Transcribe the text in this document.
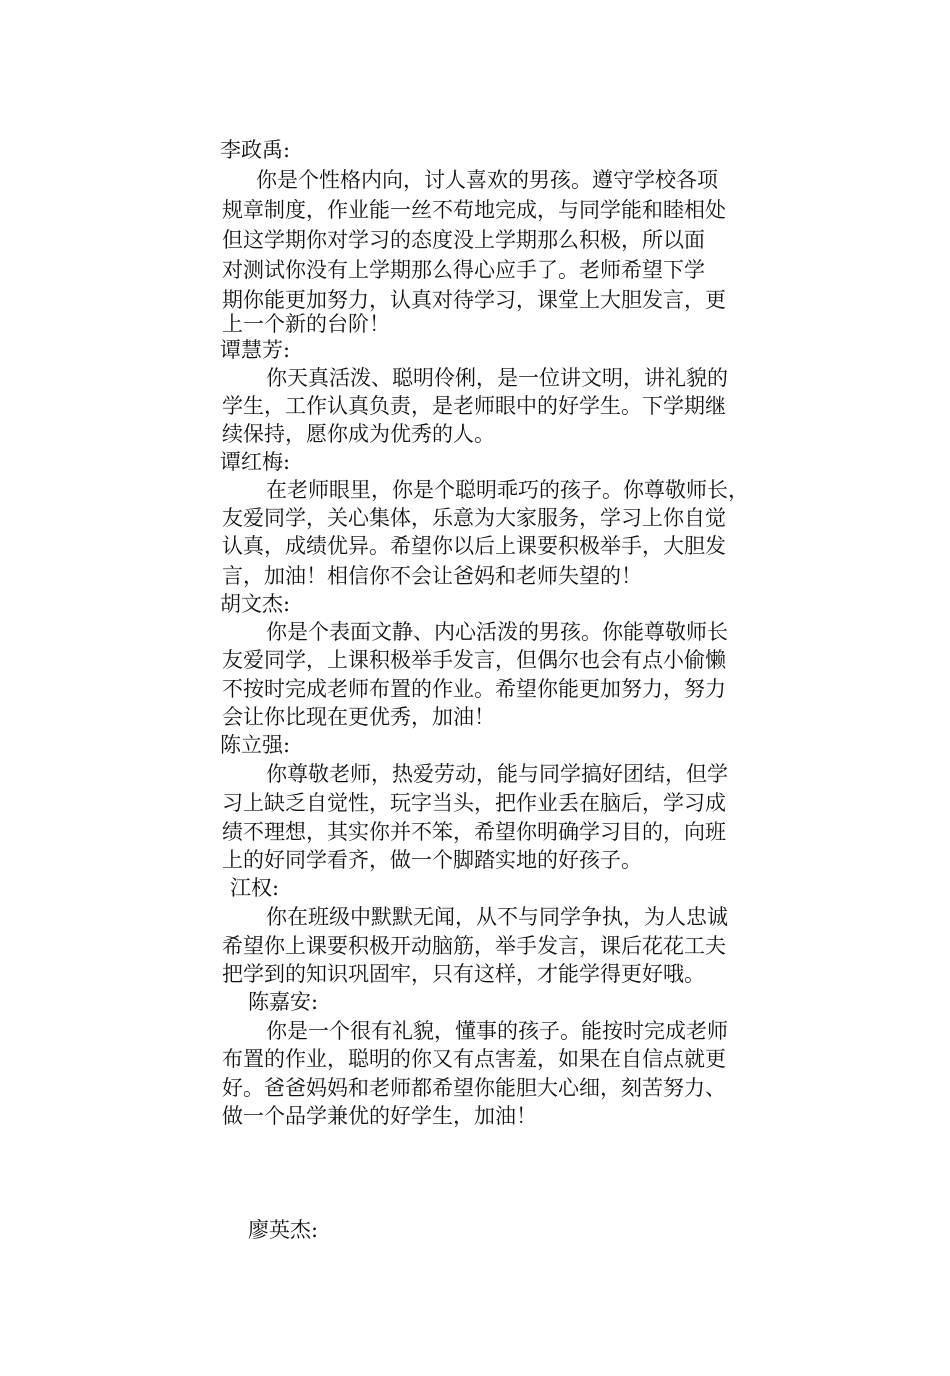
李政禹:
你是个性格内向，讨人喜欢的男孩。遵守学校各项
规章制度，作业能一丝不苟地完成，与同学能和睦相处
但这学期你对学习的态度没上学期那么积极，所以面
对测试你没有上学期那么得心应手了。老师希望下学
期你能更加努力，认真对待学习，课堂上大胆发言，更
上一个新的台阶！
谭慧芳:
你天真活泼、聪明伶俐，是一位讲文明，讲礼貌的
学生，工作认真负责，是老师眼中的好学生。下学期继
续保持，愿你成为优秀的人。
谭红梅:
在老师眼里，你是个聪明乖巧的孩子。你尊敬师长，
友爱同学，关心集体，乐意为大家服务，学习上你自觉
认真，成绩优异。希望你以后上课要积极举手，大胆发
言，加油！相信你不会让爸妈和老师失望的！
胡文杰:
你是个表面文静、内心活泼的男孩。你能尊敬师长
友爱同学，上课积极举手发言，但偶尔也会有点小偷懒
不按时完成老师布置的作业。希望你能更加努力，努力
会让你比现在更优秀，加油！
陈立强:
你尊敬老师，热爱劳动，能与同学搞好团结，但学
习上缺乏自觉性，玩字当头，把作业丢在脑后，学习成
绩不理想，其实你并不笨，希望你明确学习目的，向班
上的好同学看齐，做一个脚踏实地的好孩子。
江权:
你在班级中默默无闻，从不与同学争执，为人忠诚
希望你上课要积极开动脑筋，举手发言，课后花花工夫
把学到的知识巩固牢，只有这样，才能学得更好哦。
陈嘉安:
你是一个很有礼貌，懂事的孩子。能按时完成老师
布置的作业，聪明的你又有点害羞，如果在自信点就更
好。爸爸妈妈和老师都希望你能胆大心细，刻苦努力、
做一个品学兼优的好学生，加油！
廖英杰:
